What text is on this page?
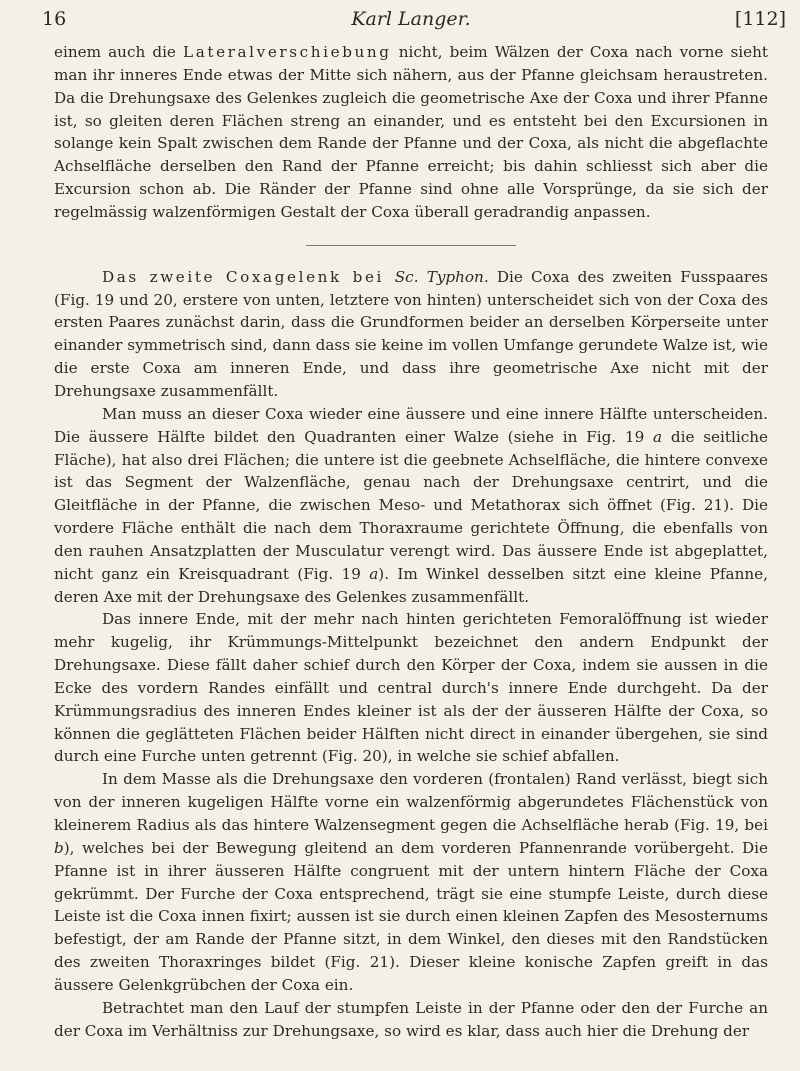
16	Karl Langer.	[112]

einem auch die Lateralverschiebung nicht, beim Wälzen der Coxa nach vorne sieht man ihr inneres Ende etwas der Mitte sich nähern, aus der Pfanne gleichsam heraustreten. Da die Drehungsaxe des Gelenkes zugleich die geometrische Axe der Coxa und ihrer Pfanne ist, so gleiten deren Flächen streng an einander, und es entsteht bei den Excursionen in solange kein Spalt zwischen dem Rande der Pfanne und der Coxa, als nicht die abgeflachte Achselfläche derselben den Rand der Pfanne erreicht; bis dahin schliesst sich aber die Excursion schon ab. Die Ränder der Pfanne sind ohne alle Vorsprünge, da sie sich der regelmässig walzenförmigen Gestalt der Coxa überall geradrandig anpassen.

Das zweite Coxagelenk bei Sc. Typhon. Die Coxa des zweiten Fusspaares (Fig. 19 und 20, erstere von unten, letztere von hinten) unterscheidet sich von der Coxa des ersten Paares zunächst darin, dass die Grundformen beider an derselben Körperseite unter einander symmetrisch sind, dann dass sie keine im vollen Umfange gerundete Walze ist, wie die erste Coxa am inneren Ende, und dass ihre geometrische Axe nicht mit der Drehungsaxe zusammenfällt.

Man muss an dieser Coxa wieder eine äussere und eine innere Hälfte unterscheiden. Die äussere Hälfte bildet den Quadranten einer Walze (siehe in Fig. 19 a die seitliche Fläche), hat also drei Flächen; die untere ist die geebnete Achselfläche, die hintere convexe ist das Segment der Walzenfläche, genau nach der Drehungsaxe centrirt, und die Gleitfläche in der Pfanne, die zwischen Meso- und Metathorax sich öffnet (Fig. 21). Die vordere Fläche enthält die nach dem Thoraxraume gerichtete Öffnung, die ebenfalls von den rauhen Ansatzplatten der Musculatur verengt wird. Das äussere Ende ist abgeplattet, nicht ganz ein Kreisquadrant (Fig. 19 a). Im Winkel desselben sitzt eine kleine Pfanne, deren Axe mit der Drehungsaxe des Gelenkes zusammenfällt.

Das innere Ende, mit der mehr nach hinten gerichteten Femoralöffnung ist wieder mehr kugelig, ihr Krümmungs-Mittelpunkt bezeichnet den andern Endpunkt der Drehungsaxe. Diese fällt daher schief durch den Körper der Coxa, indem sie aussen in die Ecke des vordern Randes einfällt und central durch's innere Ende durchgeht. Da der Krümmungsradius des inneren Endes kleiner ist als der der äusseren Hälfte der Coxa, so können die geglätteten Flächen beider Hälften nicht direct in einander übergehen, sie sind durch eine Furche unten getrennt (Fig. 20), in welche sie schief abfallen.

In dem Masse als die Drehungsaxe den vorderen (frontalen) Rand verlässt, biegt sich von der inneren kugeligen Hälfte vorne ein walzenförmig abgerundetes Flächenstück von kleinerem Radius als das hintere Walzensegment gegen die Achselfläche herab (Fig. 19, bei b), welches bei der Bewegung gleitend an dem vorderen Pfannenrande vorübergeht. Die Pfanne ist in ihrer äusseren Hälfte congruent mit der untern hintern Fläche der Coxa gekrümmt. Der Furche der Coxa entsprechend, trägt sie eine stumpfe Leiste, durch diese Leiste ist die Coxa innen fixirt; aussen ist sie durch einen kleinen Zapfen des Mesosternums befestigt, der am Rande der Pfanne sitzt, in dem Winkel, den dieses mit den Randstücken des zweiten Thoraxringes bildet (Fig. 21). Dieser kleine konische Zapfen greift in das äussere Gelenkgrübchen der Coxa ein.

Betrachtet man den Lauf der stumpfen Leiste in der Pfanne oder den der Furche an der Coxa im Verhältniss zur Drehungsaxe, so wird es klar, dass auch hier die Drehung der
